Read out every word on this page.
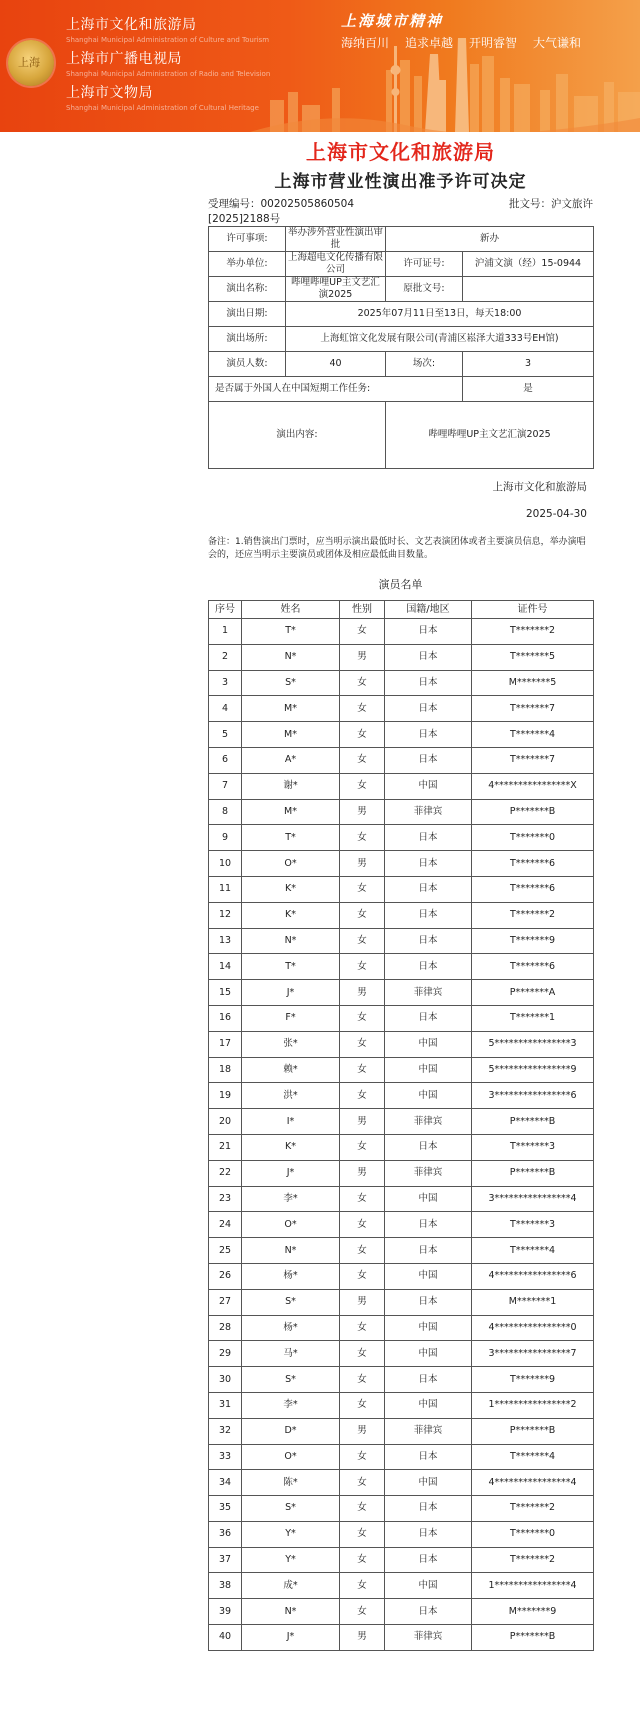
上海
上海市文化和旅游局
Shanghai Municipal Administration of Culture and Tourism
上海市广播电视局
Shanghai Municipal Administration of Radio and Television
上海市文物局
Shanghai Municipal Administration of Cultural Heritage
上海城市精神
海纳百川 追求卓越 开明睿智 大气谦和
上海市文化和旅游局
上海市营业性演出准予许可决定
受理编号：00202505860504	批文号：沪文旅许
[2025]2188号
许可事项:	举办涉外营业性演出审批	新办	
举办单位:	上海超电文化传播有限公司	许可证号:	沪浦文演（经）15-0944
演出名称:	哔哩哔哩UP主文艺汇演2025	原批文号:	
演出日期:	2025年07月11日至13日，每天18:00		
演出场所:	上海虹馆文化发展有限公司(青浦区崧泽大道333号EH馆)		
演员人数:	40	场次:	3
是否属于外国人在中国短期工作任务:			是
演出内容:		哔哩哔哩UP主文艺汇演2025	
上海市文化和旅游局
2025-04-30
备注：1.销售演出门票时，应当明示演出最低时长、文艺表演团体或者主要演员信息，举办演唱会的，还应当明示主要演员或团体及相应最低曲目数量。
演员名单
序号	姓名	性别	国籍/地区	证件号
1	T*	女	日本	T*******2
2	N*	男	日本	T*******5
3	S*	女	日本	M*******5
4	M*	女	日本	T*******7
5	M*	女	日本	T*******4
6	A*	女	日本	T*******7
7	谢*	女	中国	4****************X
8	M*	男	菲律宾	P*******B
9	T*	女	日本	T*******0
10	O*	男	日本	T*******6
11	K*	女	日本	T*******6
12	K*	女	日本	T*******2
13	N*	女	日本	T*******9
14	T*	女	日本	T*******6
15	J*	男	菲律宾	P*******A
16	F*	女	日本	T*******1
17	张*	女	中国	5****************3
18	赖*	女	中国	5****************9
19	洪*	女	中国	3****************6
20	I*	男	菲律宾	P*******B
21	K*	女	日本	T*******3
22	J*	男	菲律宾	P*******B
23	李*	女	中国	3****************4
24	O*	女	日本	T*******3
25	N*	女	日本	T*******4
26	杨*	女	中国	4****************6
27	S*	男	日本	M*******1
28	杨*	女	中国	4****************0
29	马*	女	中国	3****************7
30	S*	女	日本	T*******9
31	李*	女	中国	1****************2
32	D*	男	菲律宾	P*******B
33	O*	女	日本	T*******4
34	陈*	女	中国	4****************4
35	S*	女	日本	T*******2
36	Y*	女	日本	T*******0
37	Y*	女	日本	T*******2
38	成*	女	中国	1****************4
39	N*	女	日本	M*******9
40	J*	男	菲律宾	P*******B
